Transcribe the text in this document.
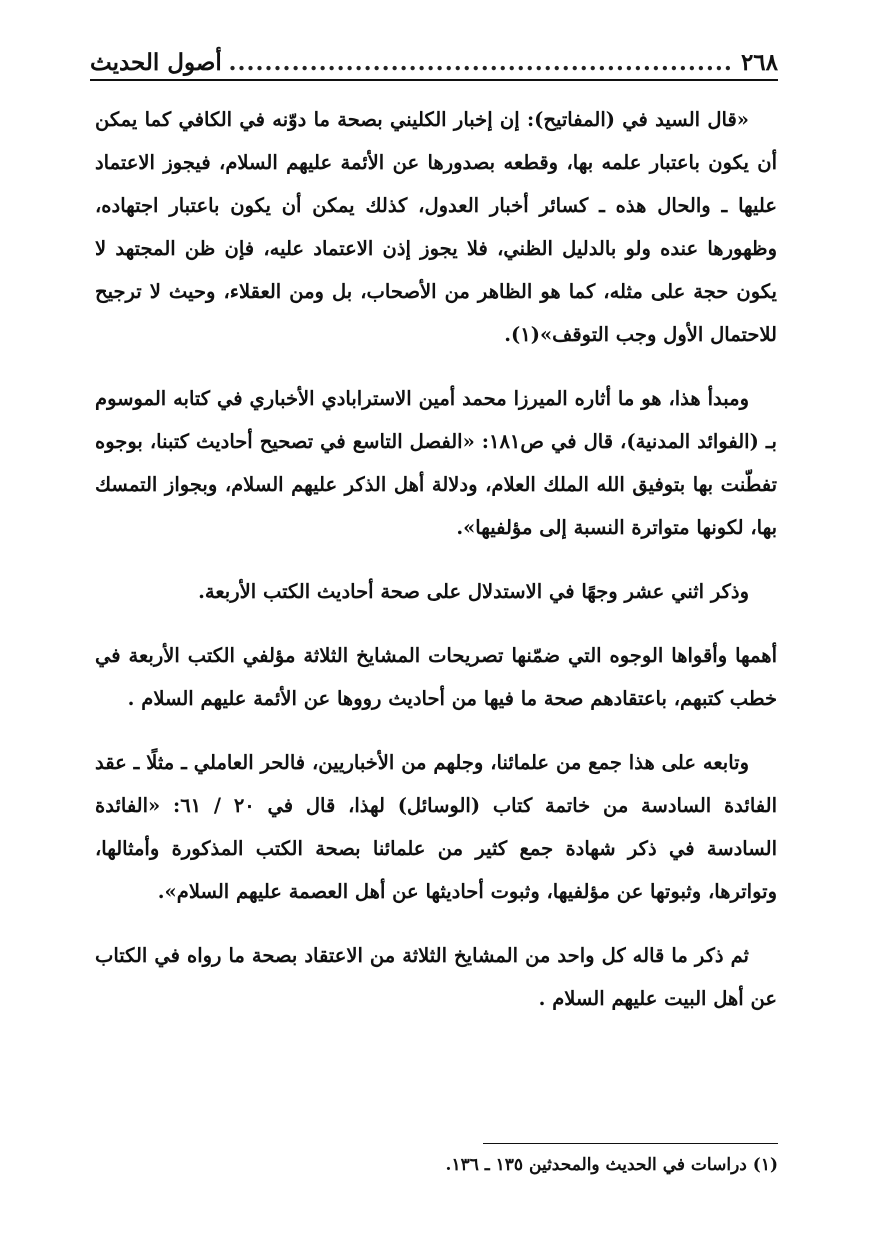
٢٦٨
.....
أصول الحديث

«قال السيد في (المفاتيح): إن إخبار الكليني بصحة ما دوّنه في الكافي كما يمكن أن يكون باعتبار علمه بها، وقطعه بصدورها عن الأئمة عليهم السلام، فيجوز الاعتماد عليها ـ والحال هذه ـ كسائر أخبار العدول، كذلك يمكن أن يكون باعتبار اجتهاده، وظهورها عنده ولو بالدليل الظني، فلا يجوز إذن الاعتماد عليه، فإن ظن المجتهد لا يكون حجة على مثله، كما هو الظاهر من الأصحاب، بل ومن العقلاء، وحيث لا ترجيح للاحتمال الأول وجب التوقف»(١).

ومبدأ هذا، هو ما أثاره الميرزا محمد أمين الاسترابادي الأخباري في كتابه الموسوم بـ (الفوائد المدنية)، قال في ص١٨١: «الفصل التاسع في تصحيح أحاديث كتبنا، بوجوه تفطّنت بها بتوفيق الله الملك العلام، ودلالة أهل الذكر عليهم السلام، وبجواز التمسك بها، لكونها متواترة النسبة إلى مؤلفيها».

وذكر اثني عشر وجهًا في الاستدلال على صحة أحاديث الكتب الأربعة.

أهمها وأقواها الوجوه التي ضمّنها تصريحات المشايخ الثلاثة مؤلفي الكتب الأربعة في خطب كتبهم، باعتقادهم صحة ما فيها من أحاديث رووها عن الأئمة عليهم السلام .

وتابعه على هذا جمع من علمائنا، وجلهم من الأخباريين، فالحر العاملي ـ مثلًا ـ عقد الفائدة السادسة من خاتمة كتاب (الوسائل) لهذا، قال في ٢٠ / ٦١: «الفائدة السادسة في ذكر شهادة جمع كثير من علمائنا بصحة الكتب المذكورة وأمثالها، وتواترها، وثبوتها عن مؤلفيها، وثبوت أحاديثها عن أهل العصمة عليهم السلام».

ثم ذكر ما قاله كل واحد من المشايخ الثلاثة من الاعتقاد بصحة ما رواه في الكتاب عن أهل البيت عليهم السلام .

(١) دراسات في الحديث والمحدثين ١٣٥ ـ ١٣٦.
